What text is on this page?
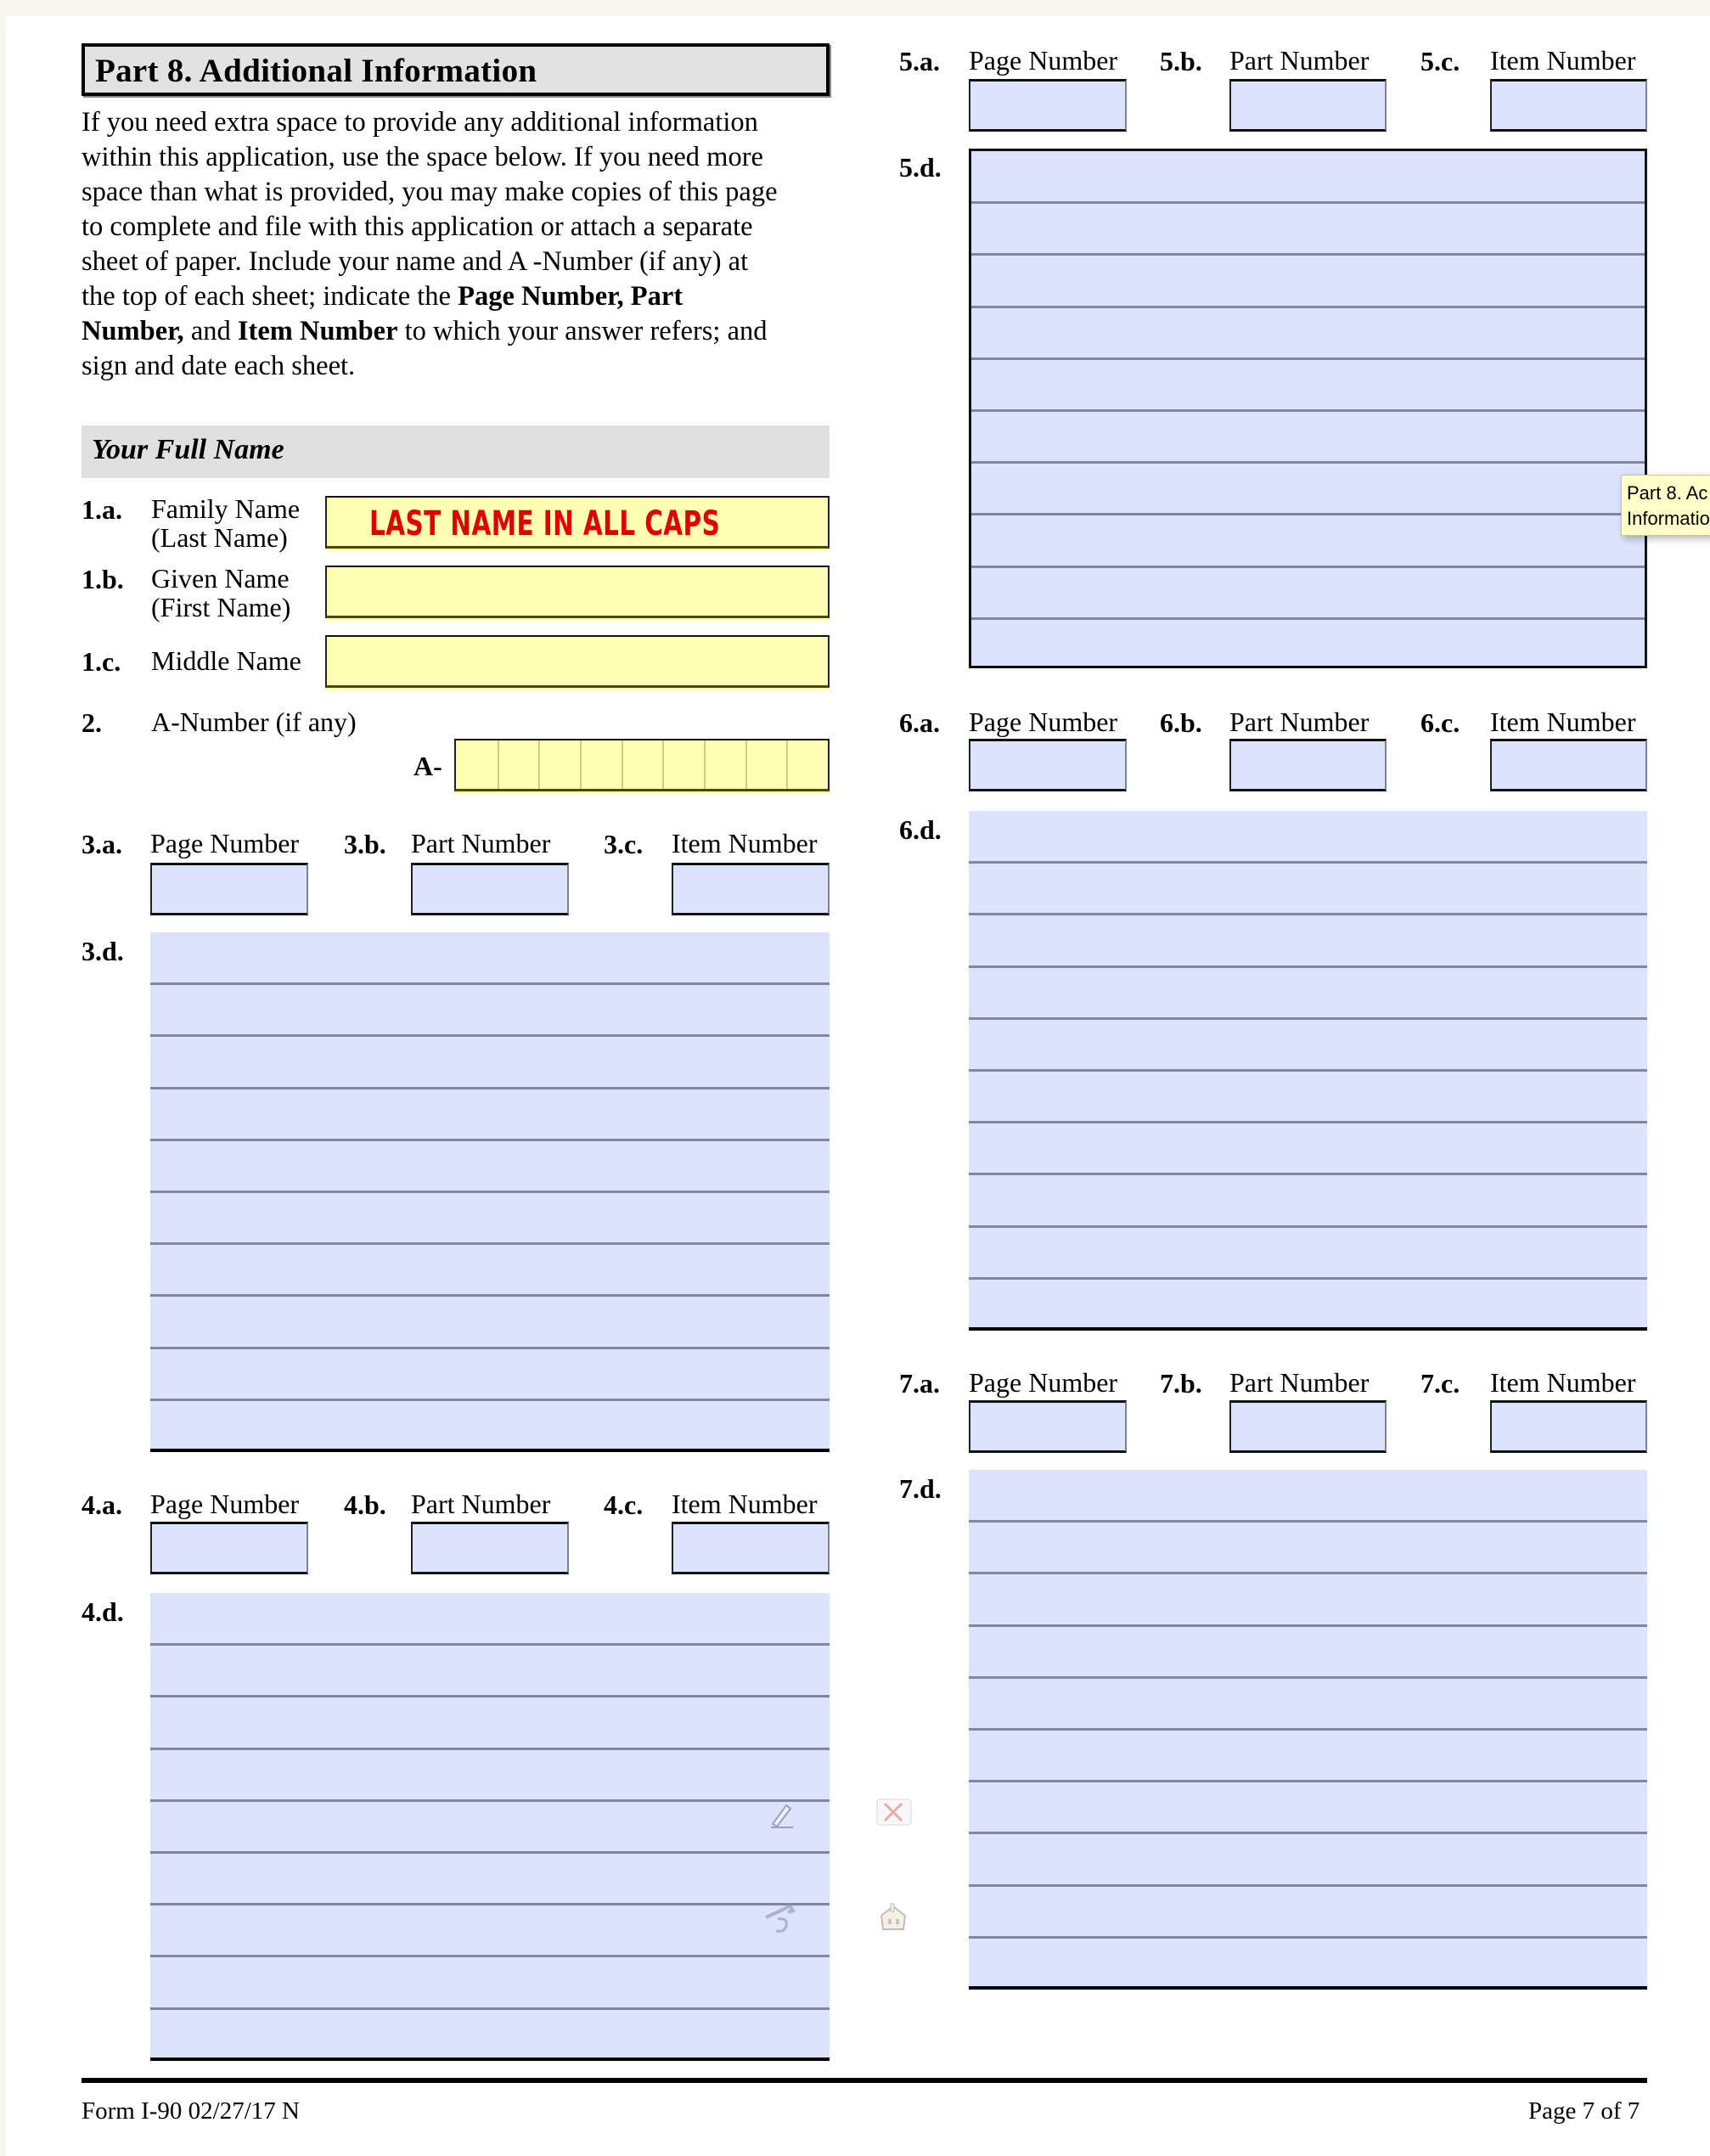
Part 8. Additional Information
If you need extra space to provide any additional information
within this application, use the space below. If you need more
space than what is provided, you may make copies of this page
to complete and file with this application or attach a separate
sheet of paper. Include your name and A -Number (if any) at
the top of each sheet; indicate the Page Number, Part
Number, and Item Number to which your answer refers; and
sign and date each sheet.
Your Full Name
1.a. Family Name
(Last Name)	LAST NAME IN ALL CAPS
1.b. Given Name
(First Name)
1.c. Middle Name
2. A-Number (if any)
A-
3.a. Page Number 3.b. Part Number 3.c. Item Number
3.d.
4.a. Page Number 4.b. Part Number 4.c. Item Number
4.d.
5.a. Page Number 5.b. Part Number 5.c. Item Number
5.d.
6.a. Page Number 6.b. Part Number 6.c. Item Number
6.d.
7.a. Page Number 7.b. Part Number 7.c. Item Number
7.d.
Part 8. Ac
Informatio
Form I-90 02/27/17 N	Page 7 of 7
